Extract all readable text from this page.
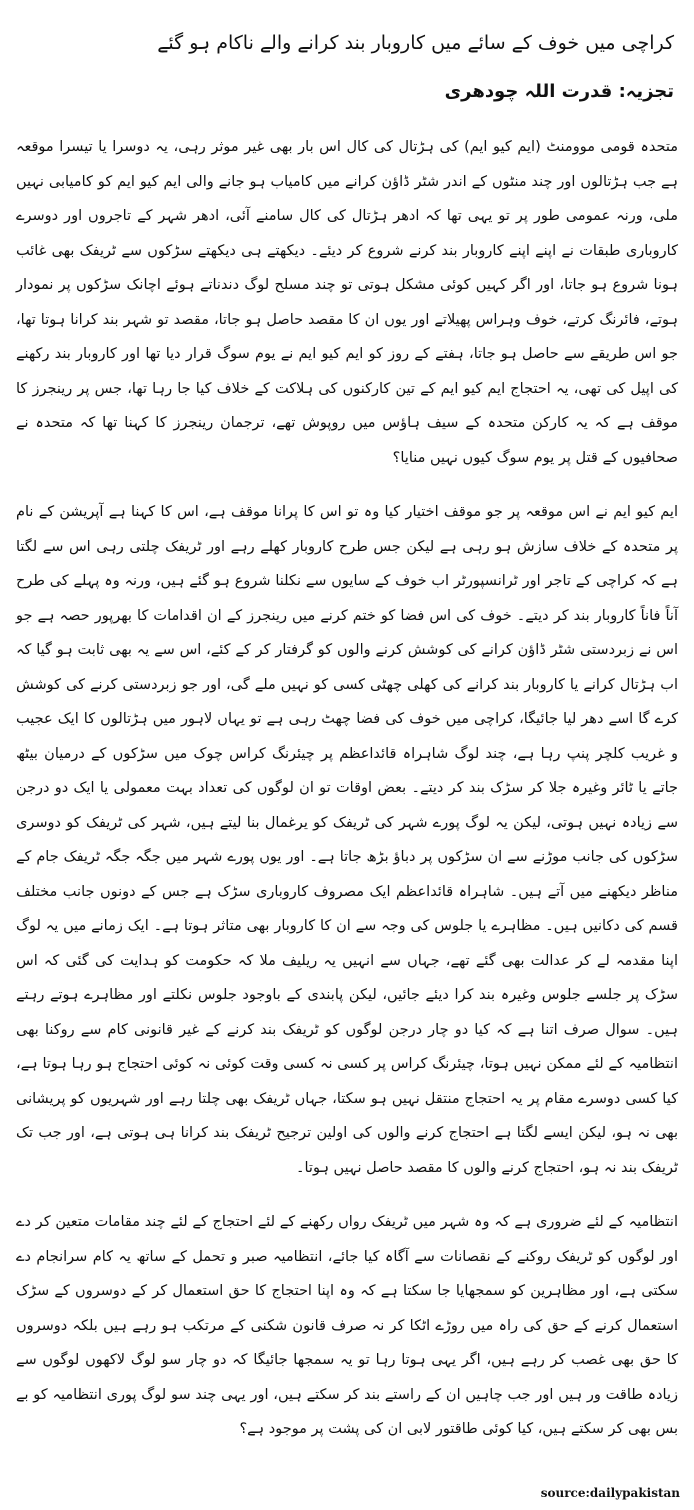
کراچی میں خوف کے سائے میں کاروبار بند کرانے والے ناکام ہو گئے
تجزیہ: قدرت اللہ چودھری

متحدہ قومی موومنٹ (ایم کیو ایم) کی ہڑتال کی کال اس بار بھی غیر موثر رہی، یہ دوسرا یا تیسرا موقعہ ہے جب ہڑتالوں اور چند منٹوں کے اندر شٹر ڈاؤن کرانے میں کامیاب ہو جانے والی ایم کیو ایم کو کامیابی نہیں ملی، ورنہ عمومی طور پر تو یہی تھا کہ ادھر ہڑتال کی کال سامنے آئی، ادھر شہر کے تاجروں اور دوسرے کاروباری طبقات نے اپنے اپنے کاروبار بند کرنے شروع کر دیئے۔ دیکھتے ہی دیکھتے سڑکوں سے ٹریفک بھی غائب ہونا شروع ہو جاتا، اور اگر کہیں کوئی مشکل ہوتی تو چند مسلح لوگ دندناتے ہوئے اچانک سڑکوں پر نمودار ہوتے، فائرنگ کرتے، خوف وہراس پھیلاتے اور یوں ان کا مقصد حاصل ہو جاتا، مقصد تو شہر بند کرانا ہوتا تھا، جو اس طریقے سے حاصل ہو جاتا، ہفتے کے روز کو ایم کیو ایم نے یوم سوگ قرار دیا تھا اور کاروبار بند رکھنے کی اپیل کی تھی، یہ احتجاج ایم کیو ایم کے تین کارکنوں کی ہلاکت کے خلاف کیا جا رہا تھا، جس پر رینجرز کا موقف ہے کہ یہ کارکن متحدہ کے سیف ہاؤس میں روپوش تھے، ترجمان رینجرز کا کہنا تھا کہ متحدہ نے صحافیوں کے قتل پر یوم سوگ کیوں نہیں منایا؟

ایم کیو ایم نے اس موقعہ پر جو موقف اختیار کیا وہ تو اس کا پرانا موقف ہے، اس کا کہنا ہے آپریشن کے نام پر متحدہ کے خلاف سازش ہو رہی ہے لیکن جس طرح کاروبار کھلے رہے اور ٹریفک چلتی رہی اس سے لگتا ہے کہ کراچی کے تاجر اور ٹرانسپورٹر اب خوف کے سایوں سے نکلنا شروع ہو گئے ہیں، ورنہ وہ پہلے کی طرح آناً فاناً کاروبار بند کر دیتے۔ خوف کی اس فضا کو ختم کرنے میں رینجرز کے ان اقدامات کا بھرپور حصہ ہے جو اس نے زبردستی شٹر ڈاؤن کرانے کی کوشش کرنے والوں کو گرفتار کر کے کئے، اس سے یہ بھی ثابت ہو گیا کہ اب ہڑتال کرانے یا کاروبار بند کرانے کی کھلی چھٹی کسی کو نہیں ملے گی، اور جو زبردستی کرنے کی کوشش کرے گا اسے دھر لیا جائیگا، کراچی میں خوف کی فضا چھٹ رہی ہے تو یہاں لاہور میں ہڑتالوں کا ایک عجیب و غریب کلچر پنپ رہا ہے، چند لوگ شاہراہ قائداعظم پر چیئرنگ کراس چوک میں سڑکوں کے درمیان بیٹھ جاتے یا ٹائر وغیرہ جلا کر سڑک بند کر دیتے۔ بعض اوقات تو ان لوگوں کی تعداد بہت معمولی یا ایک دو درجن سے زیادہ نہیں ہوتی، لیکن یہ لوگ پورے شہر کی ٹریفک کو یرغمال بنا لیتے ہیں، شہر کی ٹریفک کو دوسری سڑکوں کی جانب موڑنے سے ان سڑکوں پر دباؤ بڑھ جاتا ہے۔ اور یوں پورے شہر میں جگہ جگہ ٹریفک جام کے مناظر دیکھنے میں آتے ہیں۔ شاہراہ قائداعظم ایک مصروف کاروباری سڑک ہے جس کے دونوں جانب مختلف قسم کی دکانیں ہیں۔ مظاہرے یا جلوس کی وجہ سے ان کا کاروبار بھی متاثر ہوتا ہے۔ ایک زمانے میں یہ لوگ اپنا مقدمہ لے کر عدالت بھی گئے تھے، جہاں سے انہیں یہ ریلیف ملا کہ حکومت کو ہدایت کی گئی کہ اس سڑک پر جلسے جلوس وغیرہ بند کرا دیئے جائیں، لیکن پابندی کے باوجود جلوس نکلتے اور مظاہرے ہوتے رہتے ہیں۔ سوال صرف اتنا ہے کہ کیا دو چار درجن لوگوں کو ٹریفک بند کرنے کے غیر قانونی کام سے روکنا بھی انتظامیہ کے لئے ممکن نہیں ہوتا، چیئرنگ کراس پر کسی نہ کسی وقت کوئی نہ کوئی احتجاج ہو رہا ہوتا ہے، کیا کسی دوسرے مقام پر یہ احتجاج منتقل نہیں ہو سکتا، جہاں ٹریفک بھی چلتا رہے اور شہریوں کو پریشانی بھی نہ ہو، لیکن ایسے لگتا ہے احتجاج کرنے والوں کی اولین ترجیح ٹریفک بند کرانا ہی ہوتی ہے، اور جب تک ٹریفک بند نہ ہو، احتجاج کرنے والوں کا مقصد حاصل نہیں ہوتا۔

انتظامیہ کے لئے ضروری ہے کہ وہ شہر میں ٹریفک رواں رکھنے کے لئے احتجاج کے لئے چند مقامات متعین کر دے اور لوگوں کو ٹریفک روکنے کے نقصانات سے آگاہ کیا جائے، انتظامیہ صبر و تحمل کے ساتھ یہ کام سرانجام دے سکتی ہے، اور مظاہرین کو سمجھایا جا سکتا ہے کہ وہ اپنا احتجاج کا حق استعمال کر کے دوسروں کے سڑک استعمال کرنے کے حق کی راہ میں روڑے اٹکا کر نہ صرف قانون شکنی کے مرتکب ہو رہے ہیں بلکہ دوسروں کا حق بھی غصب کر رہے ہیں، اگر یہی ہوتا رہا تو یہ سمجھا جائیگا کہ دو چار سو لوگ لاکھوں لوگوں سے زیادہ طاقت ور ہیں اور جب چاہیں ان کے راستے بند کر سکتے ہیں، اور یہی چند سو لوگ پوری انتظامیہ کو بے بس بھی کر سکتے ہیں، کیا کوئی طاقتور لابی ان کی پشت پر موجود ہے؟

source:dailypakistan
